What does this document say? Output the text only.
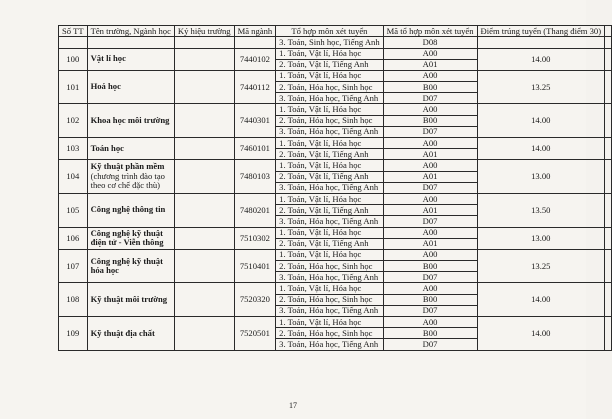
Số TT	Tên trường, Ngành học	Ký hiệu trường	Mã ngành	Tổ hợp môn xét tuyển	Mã tổ hợp môn xét tuyển	Điểm trúng tuyển (Thang điểm 30)	
				3. Toán, Sinh học, Tiếng Anh	D08		
100	Vật lí học		7440102	1. Toán, Vật lí, Hóa học	A00	14.00	
				2. Toán, Vật lí, Tiếng Anh	A01		
101	Hoá học		7440112	1. Toán, Vật lí, Hóa học	A00	13.25	
				2. Toán, Hóa học, Sinh học	B00		
				3. Toán, Hóa học, Tiếng Anh	D07		
102	Khoa học môi trường		7440301	1. Toán, Vật lí, Hóa học	A00	14.00	
				2. Toán, Hóa học, Sinh học	B00		
				3. Toán, Hóa học, Tiếng Anh	D07		
103	Toán học		7460101	1. Toán, Vật lí, Hóa học	A00	14.00	
				2. Toán, Vật lí, Tiếng Anh	A01		
104	Kỹ thuật phần mềm (chương trình đào tạo theo cơ chế đặc thù)		7480103	1. Toán, Vật lí, Hóa học	A00	13.00	
				2. Toán, Vật lí, Tiếng Anh	A01		
				3. Toán, Hóa học, Tiếng Anh	D07		
105	Công nghệ thông tin		7480201	1. Toán, Vật lí, Hóa học	A00	13.50	
				2. Toán, Vật lí, Tiếng Anh	A01		
				3. Toán, Hóa học, Tiếng Anh	D07		
106	Công nghệ kỹ thuật điện tử - Viễn thông		7510302	1. Toán, Vật lí, Hóa học	A00	13.00	
				2. Toán, Vật lí, Tiếng Anh	A01		
107	Công nghệ kỹ thuật hóa học		7510401	1. Toán, Vật lí, Hóa học	A00	13.25	
				2. Toán, Hóa học, Sinh học	B00		
				3. Toán, Hóa học, Tiếng Anh	D07		
108	Kỹ thuật môi trường		7520320	1. Toán, Vật lí, Hóa học	A00	14.00	
				2. Toán, Hóa học, Sinh học	B00		
				3. Toán, Hóa học, Tiếng Anh	D07		
109	Kỹ thuật địa chất		7520501	1. Toán, Vật lí, Hóa học	A00	14.00	
				2. Toán, Hóa học, Sinh học	B00		
				3. Toán, Hóa học, Tiếng Anh	D07		
17
